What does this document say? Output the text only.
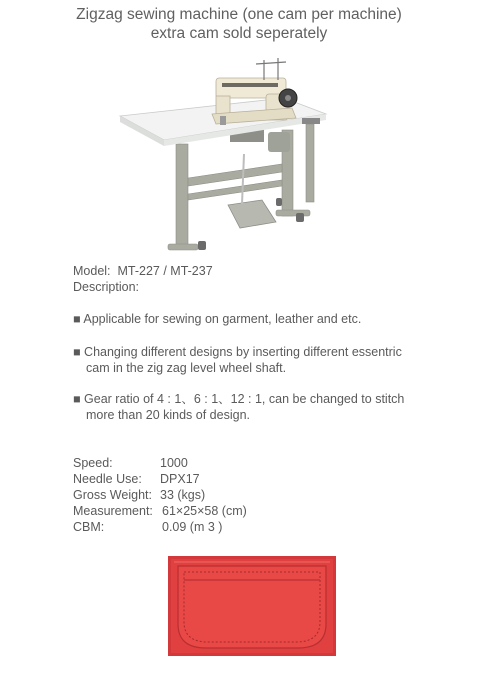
Zigzag sewing machine (one cam per machine)
extra cam sold seperately
Model: MT-227 / MT-237
Description:
■ Applicable for sewing on garment, leather and etc.
■ Changing different designs by inserting different essentric
cam in the zig zag level wheel shaft.
■ Gear ratio of 4 : 1、6 : 1、12 : 1, can be changed to stitch
more than 20 kinds of design.
Speed:	1000
Needle Use: DPX17
Gross Weight: 33 (kgs)
Measurement: 61×25×58 (cm)
CBM:	0.09 (m 3 )
